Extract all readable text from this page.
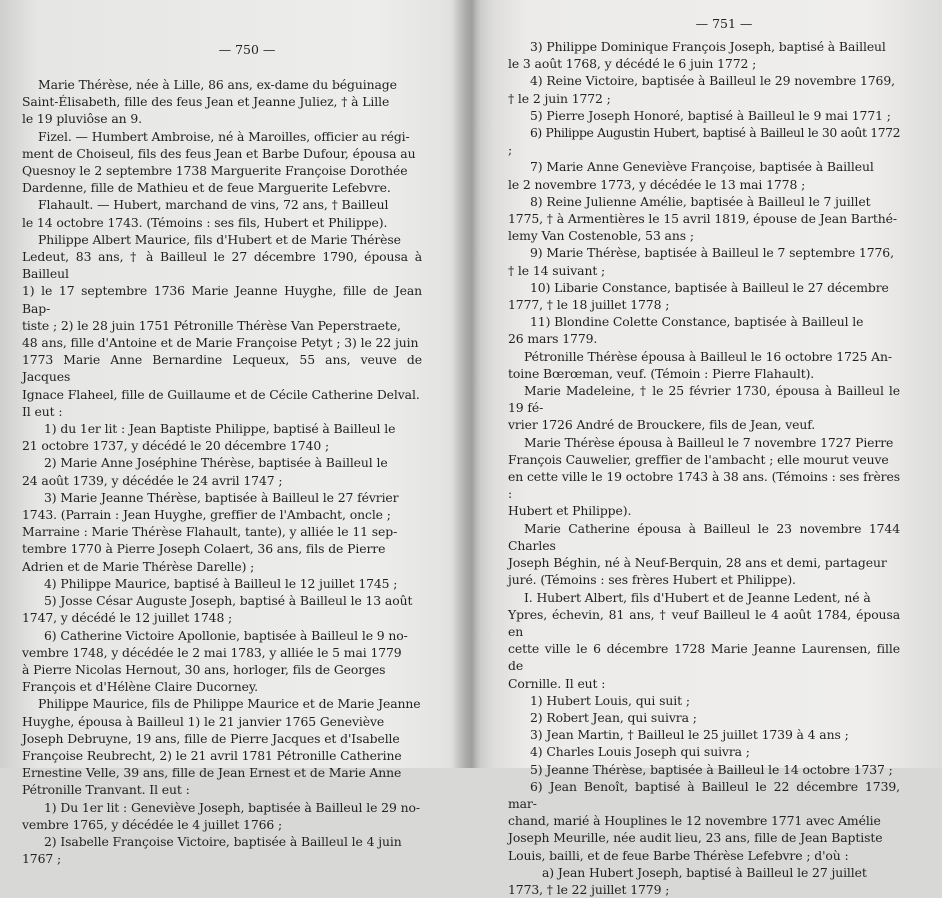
— 750 —

Marie Thérèse, née à Lille, 86 ans, ex-dame du béguinage
Saint-Élisabeth, fille des feus Jean et Jeanne Juliez, † à Lille
le 19 pluviôse an 9.

Fizel. — Humbert Ambroise, né à Maroilles, officier au régi-
ment de Choiseul, fils des feus Jean et Barbe Dufour, épousa au
Quesnoy le 2 septembre 1738 Marguerite Françoise Dorothée
Dardenne, fille de Mathieu et de feue Marguerite Lefebvre.

Flahault. — Hubert, marchand de vins, 72 ans, † Bailleul
le 14 octobre 1743. (Témoins : ses fils, Hubert et Philippe).

Philippe Albert Maurice, fils d'Hubert et de Marie Thérèse
Ledeut, 83 ans, † à Bailleul le 27 décembre 1790, épousa à Bailleul
1) le 17 septembre 1736 Marie Jeanne Huyghe, fille de Jean Bap-
tiste ; 2) le 28 juin 1751 Pétronille Thérèse Van Peperstraete,
48 ans, fille d'Antoine et de Marie Françoise Petyt ; 3) le 22 juin
1773 Marie Anne Bernardine Lequeux, 55 ans, veuve de Jacques
Ignace Flaheel, fille de Guillaume et de Cécile Catherine Delval.
Il eut :

1) du 1er lit : Jean Baptiste Philippe, baptisé à Bailleul le
21 octobre 1737, y décédé le 20 décembre 1740 ;

2) Marie Anne Joséphine Thérèse, baptisée à Bailleul le
24 août 1739, y décédée le 24 avril 1747 ;

3) Marie Jeanne Thérèse, baptisée à Bailleul le 27 février
1743. (Parrain : Jean Huyghe, greffier de l'Ambacht, oncle ;
Marraine : Marie Thérèse Flahault, tante), y alliée le 11 sep-
tembre 1770 à Pierre Joseph Colaert, 36 ans, fils de Pierre
Adrien et de Marie Thérèse Darelle) ;

4) Philippe Maurice, baptisé à Bailleul le 12 juillet 1745 ;

5) Josse César Auguste Joseph, baptisé à Bailleul le 13 août
1747, y décédé le 12 juillet 1748 ;

6) Catherine Victoire Apollonie, baptisée à Bailleul le 9 no-
vembre 1748, y décédée le 2 mai 1783, y alliée le 5 mai 1779
à Pierre Nicolas Hernout, 30 ans, horloger, fils de Georges
François et d'Hélène Claire Ducorney.

Philippe Maurice, fils de Philippe Maurice et de Marie Jeanne
Huyghe, épousa à Bailleul 1) le 21 janvier 1765 Geneviève
Joseph Debruyne, 19 ans, fille de Pierre Jacques et d'Isabelle
Françoise Reubrecht, 2) le 21 avril 1781 Pétronille Catherine
Ernestine Velle, 39 ans, fille de Jean Ernest et de Marie Anne
Pétronille Tranvant. Il eut :

1) Du 1er lit : Geneviève Joseph, baptisée à Bailleul le 29 no-
vembre 1765, y décédée le 4 juillet 1766 ;

2) Isabelle Françoise Victoire, baptisée à Bailleul le 4 juin
1767 ;

— 751 —

3) Philippe Dominique François Joseph, baptisé à Bailleul
le 3 août 1768, y décédé le 6 juin 1772 ;

4) Reine Victoire, baptisée à Bailleul le 29 novembre 1769,
† le 2 juin 1772 ;

5) Pierre Joseph Honoré, baptisé à Bailleul le 9 mai 1771 ;

6) Philippe Augustin Hubert, baptisé à Bailleul le 30 août 1772 ;

7) Marie Anne Geneviève Françoise, baptisée à Bailleul
le 2 novembre 1773, y décédée le 13 mai 1778 ;

8) Reine Julienne Amélie, baptisée à Bailleul le 7 juillet
1775, † à Armentières le 15 avril 1819, épouse de Jean Barthé-
lemy Van Costenoble, 53 ans ;

9) Marie Thérèse, baptisée à Bailleul le 7 septembre 1776,
† le 14 suivant ;

10) Libarie Constance, baptisée à Bailleul le 27 décembre
1777, † le 18 juillet 1778 ;

11) Blondine Colette Constance, baptisée à Bailleul le
26 mars 1779.

Pétronille Thérèse épousa à Bailleul le 16 octobre 1725 An-
toine Bœrœman, veuf. (Témoin : Pierre Flahault).

Marie Madeleine, † le 25 février 1730, épousa à Bailleul le 19 fé-
vrier 1726 André de Brouckere, fils de Jean, veuf.

Marie Thérèse épousa à Bailleul le 7 novembre 1727 Pierre
François Cauwelier, greffier de l'ambacht ; elle mourut veuve
en cette ville le 19 octobre 1743 à 38 ans. (Témoins : ses frères :
Hubert et Philippe).

Marie Catherine épousa à Bailleul le 23 novembre 1744 Charles
Joseph Béghin, né à Neuf-Berquin, 28 ans et demi, partageur
juré. (Témoins : ses frères Hubert et Philippe).

I. Hubert Albert, fils d'Hubert et de Jeanne Ledent, né à
Ypres, échevin, 81 ans, † veuf Bailleul le 4 août 1784, épousa en
cette ville le 6 décembre 1728 Marie Jeanne Laurensen, fille de
Cornille. Il eut :

1) Hubert Louis, qui suit ;

2) Robert Jean, qui suivra ;

3) Jean Martin, † Bailleul le 25 juillet 1739 à 4 ans ;

4) Charles Louis Joseph qui suivra ;

5) Jeanne Thérèse, baptisée à Bailleul le 14 octobre 1737 ;

6) Jean Benoît, baptisé à Bailleul le 22 décembre 1739, mar-
chand, marié à Houplines le 12 novembre 1771 avec Amélie
Joseph Meurille, née audit lieu, 23 ans, fille de Jean Baptiste
Louis, bailli, et de feue Barbe Thérèse Lefebvre ; d'où :

a) Jean Hubert Joseph, baptisé à Bailleul le 27 juillet
1773, † le 22 juillet 1779 ;
